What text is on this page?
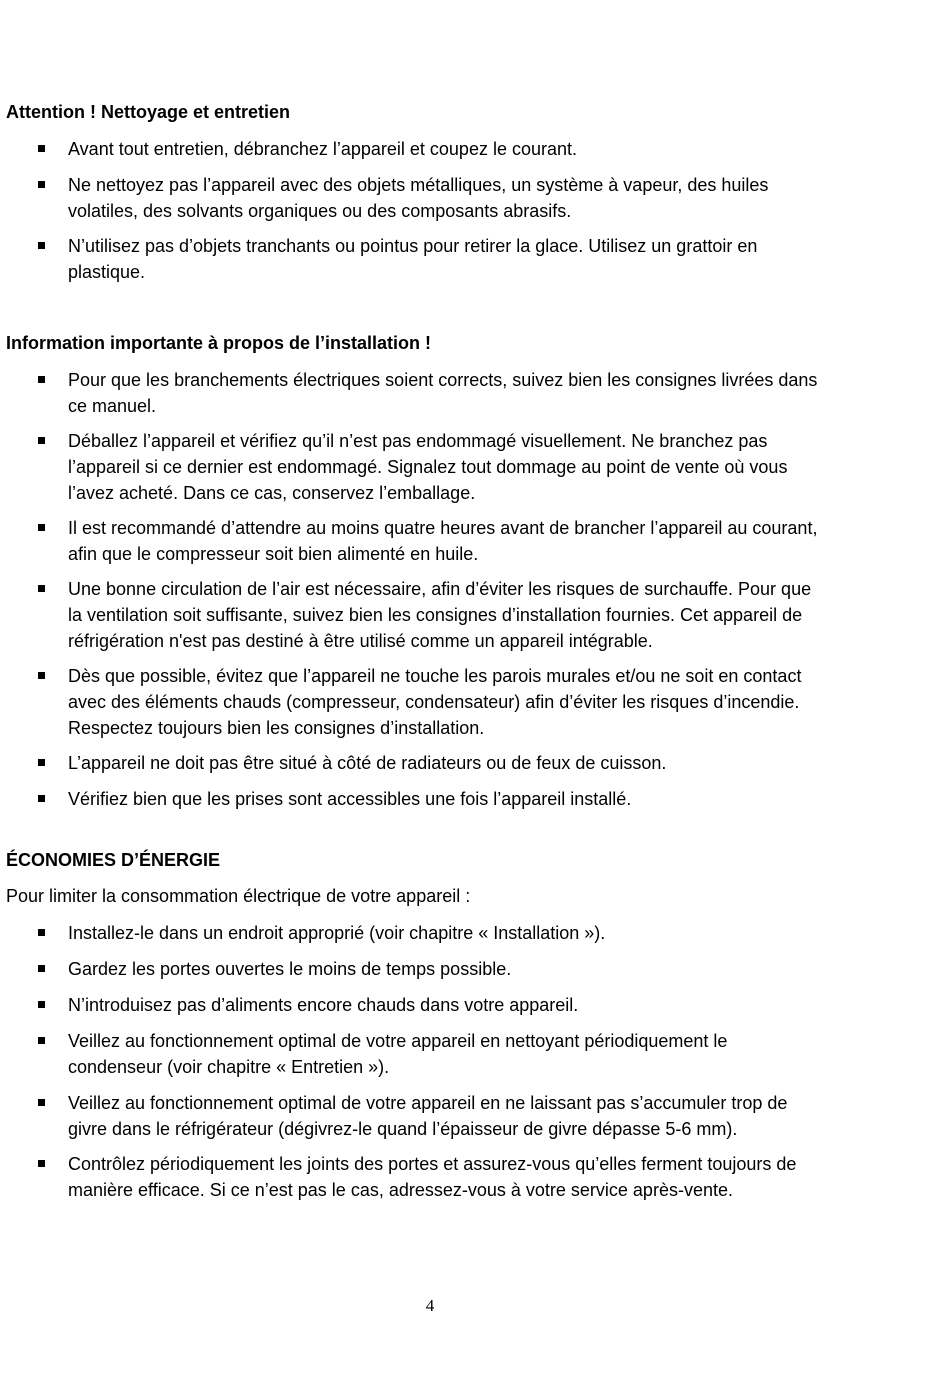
Attention ! Nettoyage et entretien
Avant tout entretien, débranchez l’appareil et coupez le courant.
Ne nettoyez pas l’appareil avec des objets métalliques, un système à vapeur, des huiles
volatiles, des solvants organiques ou des composants abrasifs.
N’utilisez pas d’objets tranchants ou pointus pour retirer la glace. Utilisez un grattoir en
plastique.
Information importante à propos de l’installation !
Pour que les branchements électriques soient corrects, suivez bien les consignes livrées dans
ce manuel.
Déballez l’appareil et vérifiez qu’il n’est pas endommagé visuellement. Ne branchez pas
l’appareil si ce dernier est endommagé. Signalez tout dommage au point de vente où vous
l’avez acheté. Dans ce cas, conservez l’emballage.
Il est recommandé d’attendre au moins quatre heures avant de brancher l’appareil au courant,
afin que le compresseur soit bien alimenté en huile.
Une bonne circulation de l’air est nécessaire, afin d’éviter les risques de surchauffe. Pour que
la ventilation soit suffisante, suivez bien les consignes d’installation fournies. Cet appareil de
réfrigération n'est pas destiné à être utilisé comme un appareil intégrable.
Dès que possible, évitez que l’appareil ne touche les parois murales et/ou ne soit en contact
avec des éléments chauds (compresseur, condensateur) afin d’éviter les risques d’incendie.
Respectez toujours bien les consignes d’installation.
L’appareil ne doit pas être situé à côté de radiateurs ou de feux de cuisson.
Vérifiez bien que les prises sont accessibles une fois l’appareil installé.
ÉCONOMIES D’ÉNERGIE
Pour limiter la consommation électrique de votre appareil :
Installez-le dans un endroit approprié (voir chapitre « Installation »).
Gardez les portes ouvertes le moins de temps possible.
N’introduisez pas d’aliments encore chauds dans votre appareil.
Veillez au fonctionnement optimal de votre appareil en nettoyant périodiquement le
condenseur (voir chapitre « Entretien »).
Veillez au fonctionnement optimal de votre appareil en ne laissant pas s’accumuler trop de
givre dans le réfrigérateur (dégivrez-le quand l’épaisseur de givre dépasse 5-6 mm).
Contrôlez périodiquement les joints des portes et assurez-vous qu’elles ferment toujours de
manière efficace. Si ce n’est pas le cas, adressez-vous à votre service après-vente.
4
